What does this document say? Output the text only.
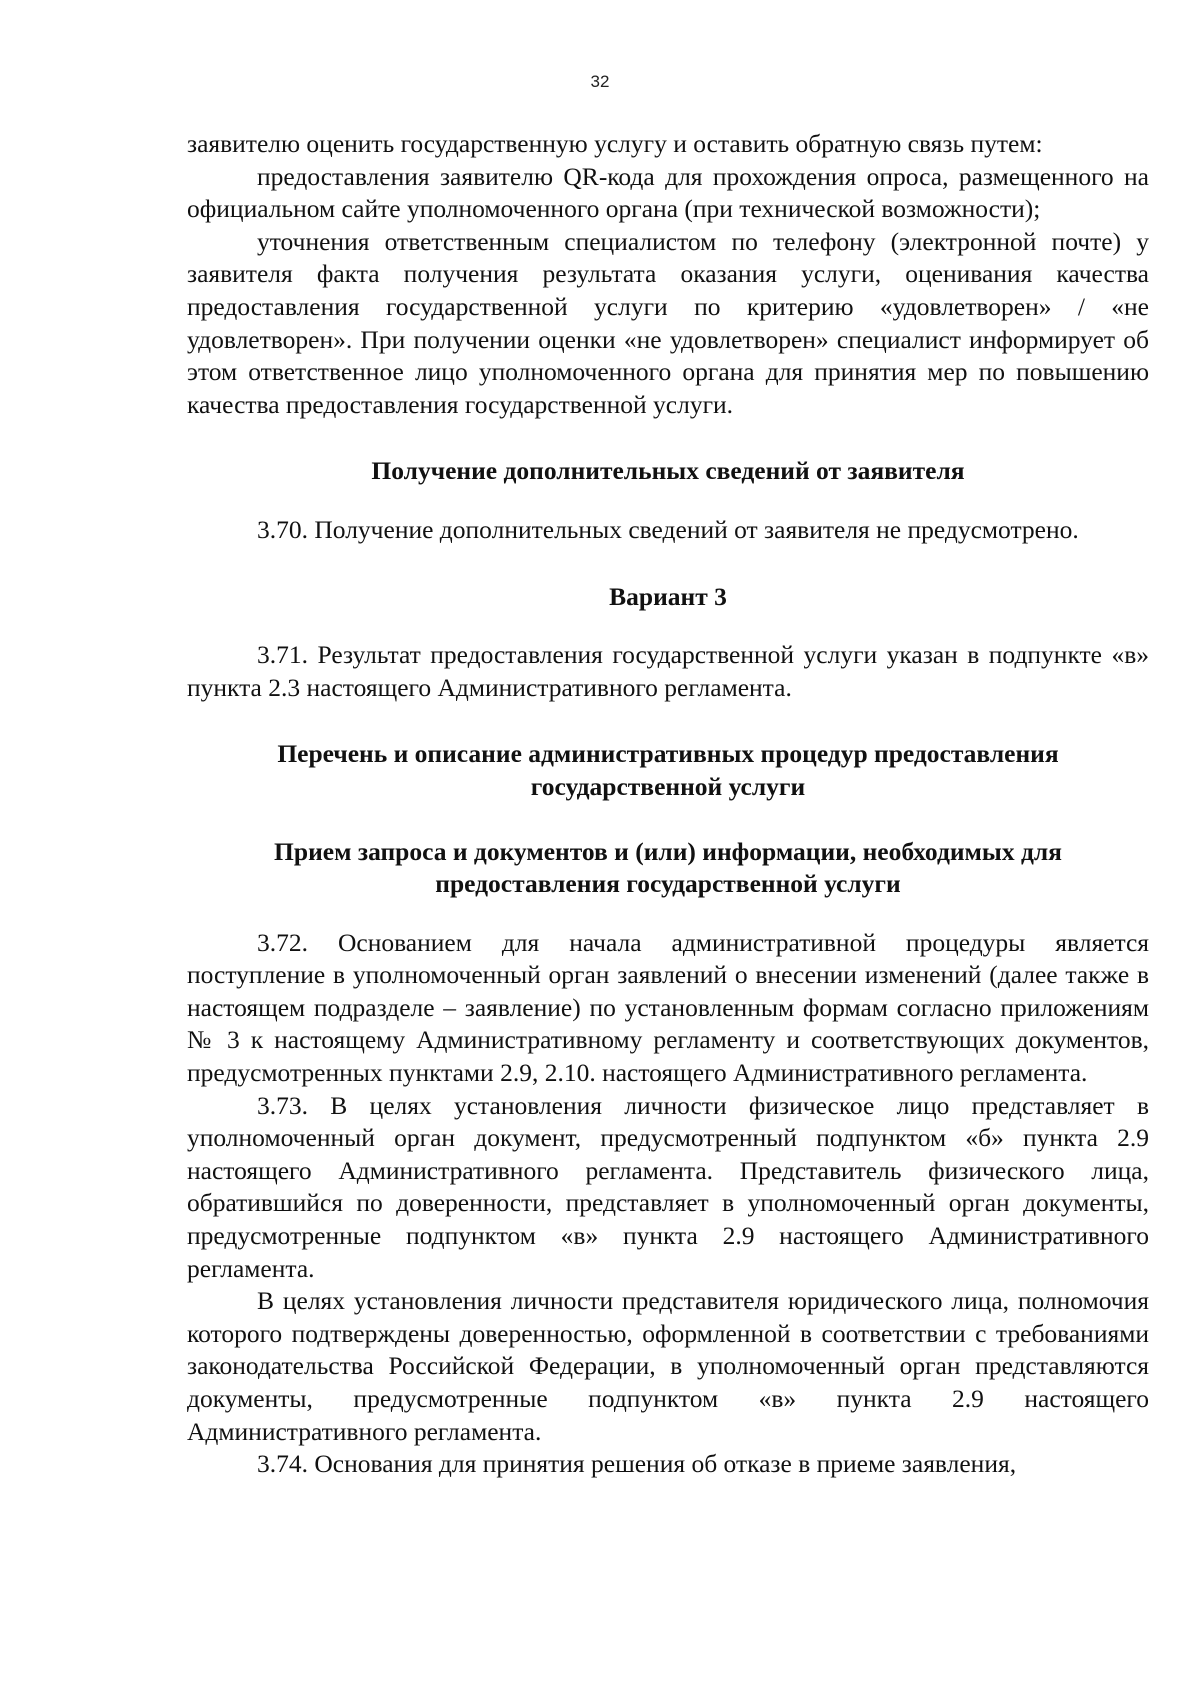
32

заявителю оценить государственную услугу и оставить обратную связь путем:

предоставления заявителю QR-кода для прохождения опроса, размещенного на официальном сайте уполномоченного органа (при технической возможности);

уточнения ответственным специалистом по телефону (электронной почте) у заявителя факта получения результата оказания услуги, оценивания качества предоставления государственной услуги по критерию «удовлетворен» / «не удовлетворен». При получении оценки «не удовлетворен» специалист информирует об этом ответственное лицо уполномоченного органа для принятия мер по повышению качества предоставления государственной услуги.

Получение дополнительных сведений от заявителя

3.70. Получение дополнительных сведений от заявителя не предусмотрено.

Вариант 3

3.71. Результат предоставления государственной услуги указан в подпункте «в» пункта 2.3 настоящего Административного регламента.

Перечень и описание административных процедур предоставления государственной услуги

Прием запроса и документов и (или) информации, необходимых для предоставления государственной услуги

3.72. Основанием для начала административной процедуры является поступление в уполномоченный орган заявлений о внесении изменений (далее также в настоящем подразделе – заявление) по установленным формам согласно приложениям № 3 к настоящему Административному регламенту и соответствующих документов, предусмотренных пунктами 2.9, 2.10. настоящего Административного регламента.

3.73. В целях установления личности физическое лицо представляет в уполномоченный орган документ, предусмотренный подпунктом «б» пункта 2.9 настоящего Административного регламента. Представитель физического лица, обратившийся по доверенности, представляет в уполномоченный орган документы, предусмотренные подпунктом «в» пункта 2.9 настоящего Административного регламента.

В целях установления личности представителя юридического лица, полномочия которого подтверждены доверенностью, оформленной в соответствии с требованиями законодательства Российской Федерации, в уполномоченный орган представляются документы, предусмотренные подпунктом «в» пункта 2.9 настоящего Административного регламента.

3.74. Основания для принятия решения об отказе в приеме заявления,
